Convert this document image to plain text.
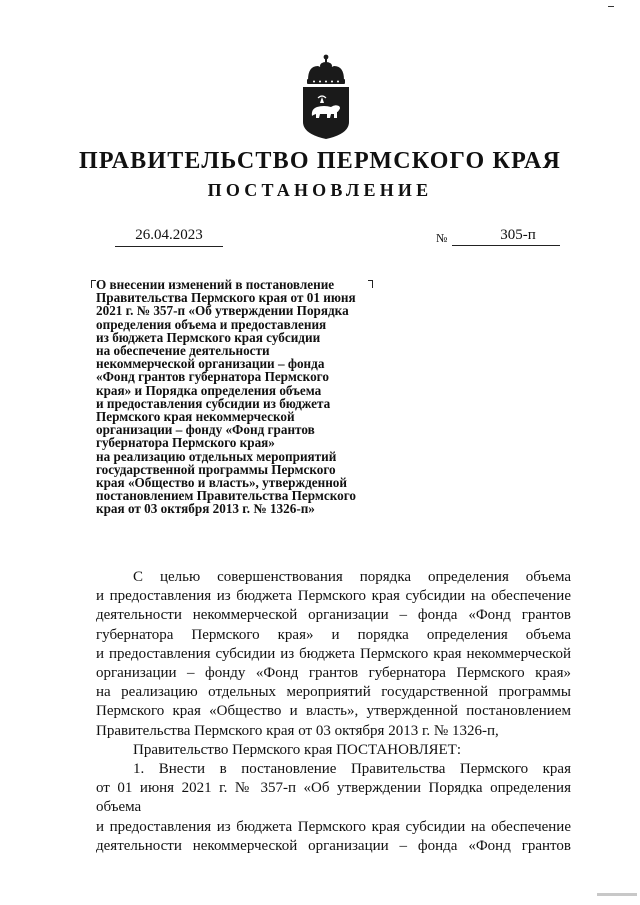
ПРАВИТЕЛЬСТВО ПЕРМСКОГО КРАЯ
ПОСТАНОВЛЕНИЕ
26.04.2023	№	305-п
О внесении изменений в постановление
Правительства Пермского края от 01 июня
2021 г. № 357-п «Об утверждении Порядка
определения объема и предоставления
из бюджета Пермского края субсидии
на обеспечение деятельности
некоммерческой организации – фонда
«Фонд грантов губернатора Пермского
края» и Порядка определения объема
и предоставления субсидии из бюджета
Пермского края некоммерческой
организации – фонду «Фонд грантов
губернатора Пермского края»
на реализацию отдельных мероприятий
государственной программы Пермского
края «Общество и власть», утвержденной
постановлением Правительства Пермского
края от 03 октября 2013 г. № 1326-п»
С целью совершенствования порядка определения объема
и предоставления из бюджета Пермского края субсидии на обеспечение
деятельности некоммерческой организации – фонда «Фонд грантов
губернатора Пермского края» и порядка определения объема
и предоставления субсидии из бюджета Пермского края некоммерческой
организации – фонду «Фонд грантов губернатора Пермского края»
на реализацию отдельных мероприятий государственной программы
Пермского края «Общество и власть», утвержденной постановлением
Правительства Пермского края от 03 октября 2013 г. № 1326-п,
Правительство Пермского края ПОСТАНОВЛЯЕТ:
1. Внести в постановление Правительства Пермского края
от 01 июня 2021 г. № 357-п «Об утверждении Порядка определения объема
и предоставления из бюджета Пермского края субсидии на обеспечение
деятельности некоммерческой организации – фонда «Фонд грантов
